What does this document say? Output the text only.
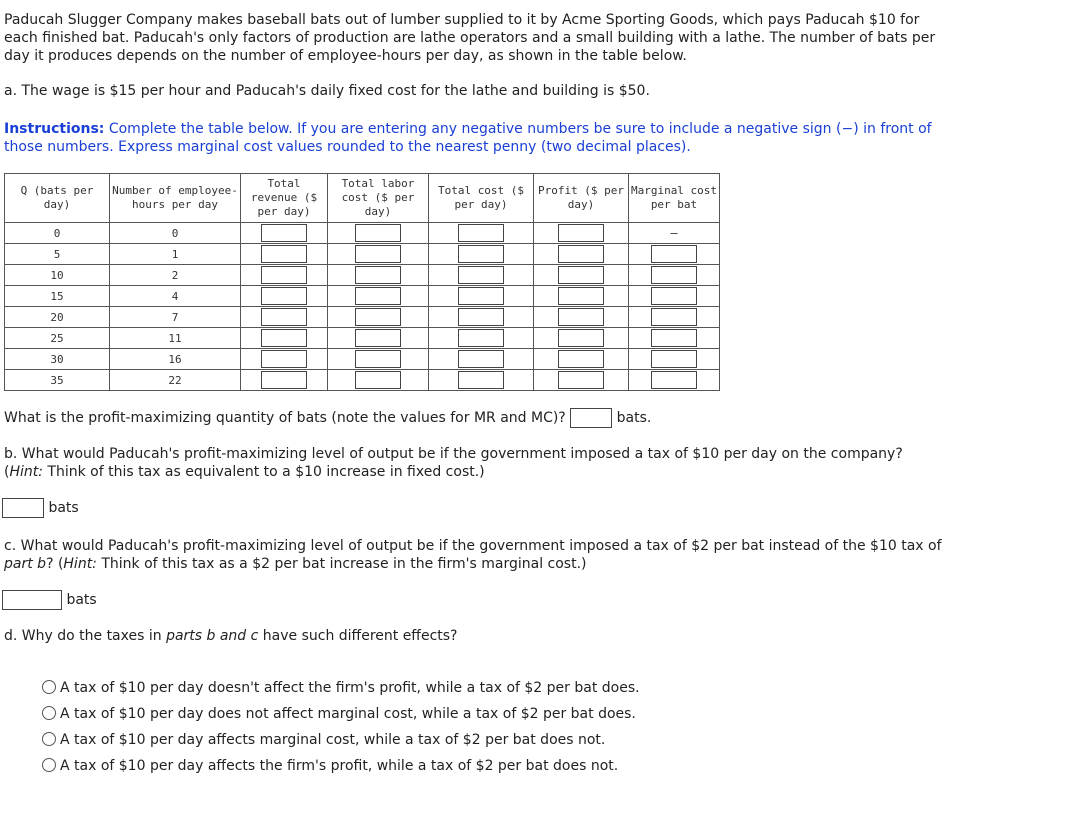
Paducah Slugger Company makes baseball bats out of lumber supplied to it by Acme Sporting Goods, which pays Paducah $10 for each finished bat. Paducah's only factors of production are lathe operators and a small building with a lathe. The number of bats per day it produces depends on the number of employee-hours per day, as shown in the table below.

a. The wage is $15 per hour and Paducah's daily fixed cost for the lathe and building is $50.

Instructions: Complete the table below. If you are entering any negative numbers be sure to include a negative sign (−) in front of those numbers. Express marginal cost values rounded to the nearest penny (two decimal places).

Q (bats per day)	Number of employee-hours per day	Total revenue ($ per day)	Total labor cost ($ per day)	Total cost ($ per day)	Profit ($ per day)	Marginal cost per bat
0	0					–
5	1					
10	2					
15	4					
20	7					
25	11					
30	16					
35	22					

What is the profit-maximizing quantity of bats (note the values for MR and MC)?	bats.

b. What would Paducah's profit-maximizing level of output be if the government imposed a tax of $10 per day on the company?
(Hint: Think of this tax as equivalent to a $10 increase in fixed cost.)

bats

c. What would Paducah's profit-maximizing level of output be if the government imposed a tax of $2 per bat instead of the $10 tax of
part b? (Hint: Think of this tax as a $2 per bat increase in the firm's marginal cost.)

bats

d. Why do the taxes in parts b and c have such different effects?

A tax of $10 per day doesn't affect the firm's profit, while a tax of $2 per bat does.
A tax of $10 per day does not affect marginal cost, while a tax of $2 per bat does.
A tax of $10 per day affects marginal cost, while a tax of $2 per bat does not.
A tax of $10 per day affects the firm's profit, while a tax of $2 per bat does not.
